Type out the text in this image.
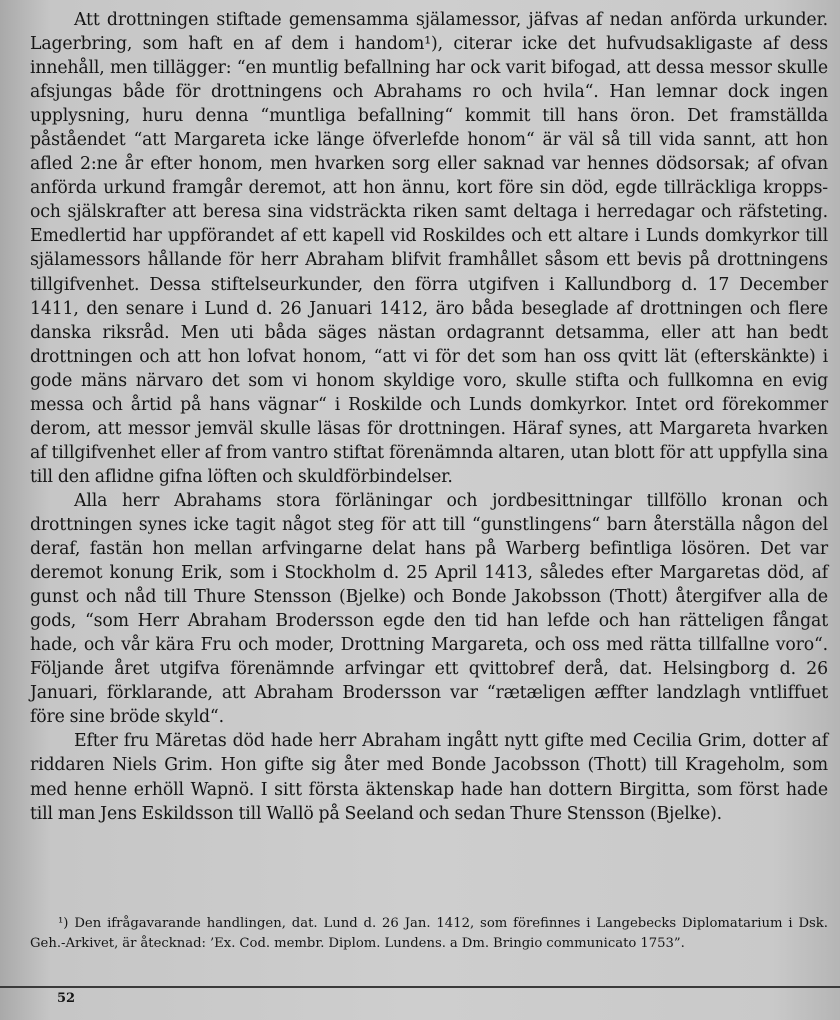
Att drottningen stiftade gemensamma själamessor, jäfvas af nedan anförda urkunder. Lagerbring, som haft en af dem i handom¹), citerar icke det hufvudsakligaste af dess innehåll, men tillägger: “en muntlig befallning har ock varit bifogad, att dessa messor skulle afsjungas både för drottningens och Abrahams ro och hvila“. Han lemnar dock ingen upplysning, huru denna “muntliga befallning“ kommit till hans öron. Det framställda påståendet “att Margareta icke länge öfverlefde honom“ är väl så till vida sannt, att hon afled 2:ne år efter honom, men hvarken sorg eller saknad var hennes dödsorsak; af ofvan anförda urkund framgår deremot, att hon ännu, kort före sin död, egde tillräckliga kropps- och själskrafter att beresa sina vidsträckta riken samt deltaga i herredagar och räfsteting. Emedlertid har uppförandet af ett kapell vid Roskildes och ett altare i Lunds domkyrkor till själamessors hållande för herr Abraham blifvit framhållet såsom ett bevis på drottningens tillgifvenhet. Dessa stiftelseurkunder, den förra utgifven i Kallundborg d. 17 December 1411, den senare i Lund d. 26 Januari 1412, äro båda beseglade af drottningen och flere danska riksråd. Men uti båda säges nästan ordagrannt detsamma, eller att han bedt drottningen och att hon lofvat honom, “att vi för det som han oss qvitt lät (efterskänkte) i gode mäns närvaro det som vi honom skyldige voro, skulle stifta och fullkomna en evig messa och årtid på hans vägnar“ i Roskilde och Lunds domkyrkor. Intet ord förekommer derom, att messor jemväl skulle läsas för drottningen. Häraf synes, att Margareta hvarken af tillgifvenhet eller af from vantro stiftat förenämnda altaren, utan blott för att uppfylla sina till den aflidne gifna löften och skuldförbindelser.

Alla herr Abrahams stora förläningar och jordbesittningar tillföllo kronan och drottningen synes icke tagit något steg för att till “gunstlingens“ barn återställa någon del deraf, fastän hon mellan arfvingarne delat hans på Warberg befintliga lösören. Det var deremot konung Erik, som i Stockholm d. 25 April 1413, således efter Margaretas död, af gunst och nåd till Thure Stensson (Bjelke) och Bonde Jakobsson (Thott) återgifver alla de gods, “som Herr Abraham Brodersson egde den tid han lefde och han rätteligen fångat hade, och vår kära Fru och moder, Drottning Margareta, och oss med rätta tillfallne voro“. Följande året utgifva förenämnde arfvingar ett qvittobref derå, dat. Helsingborg d. 26 Januari, förklarande, att Abraham Brodersson var “rætæligen æffter landzlagh vntliffuet före sine bröde skyld“.

Efter fru Märetas död hade herr Abraham ingått nytt gifte med Cecilia Grim, dotter af riddaren Niels Grim. Hon gifte sig åter med Bonde Jacobsson (Thott) till Krageholm, som med henne erhöll Wapnö. I sitt första äktenskap hade han dottern Birgitta, som först hade till man Jens Eskildsson till Wallö på Seeland och sedan Thure Stensson (Bjelke).

¹) Den ifrågavarande handlingen, dat. Lund d. 26 Jan. 1412, som förefinnes i Langebecks Diplomatarium i Dsk. Geh.-Arkivet, är åtecknad: ’Ex. Cod. membr. Diplom. Lundens. a Dm. Bringio communicato 1753”.

52
